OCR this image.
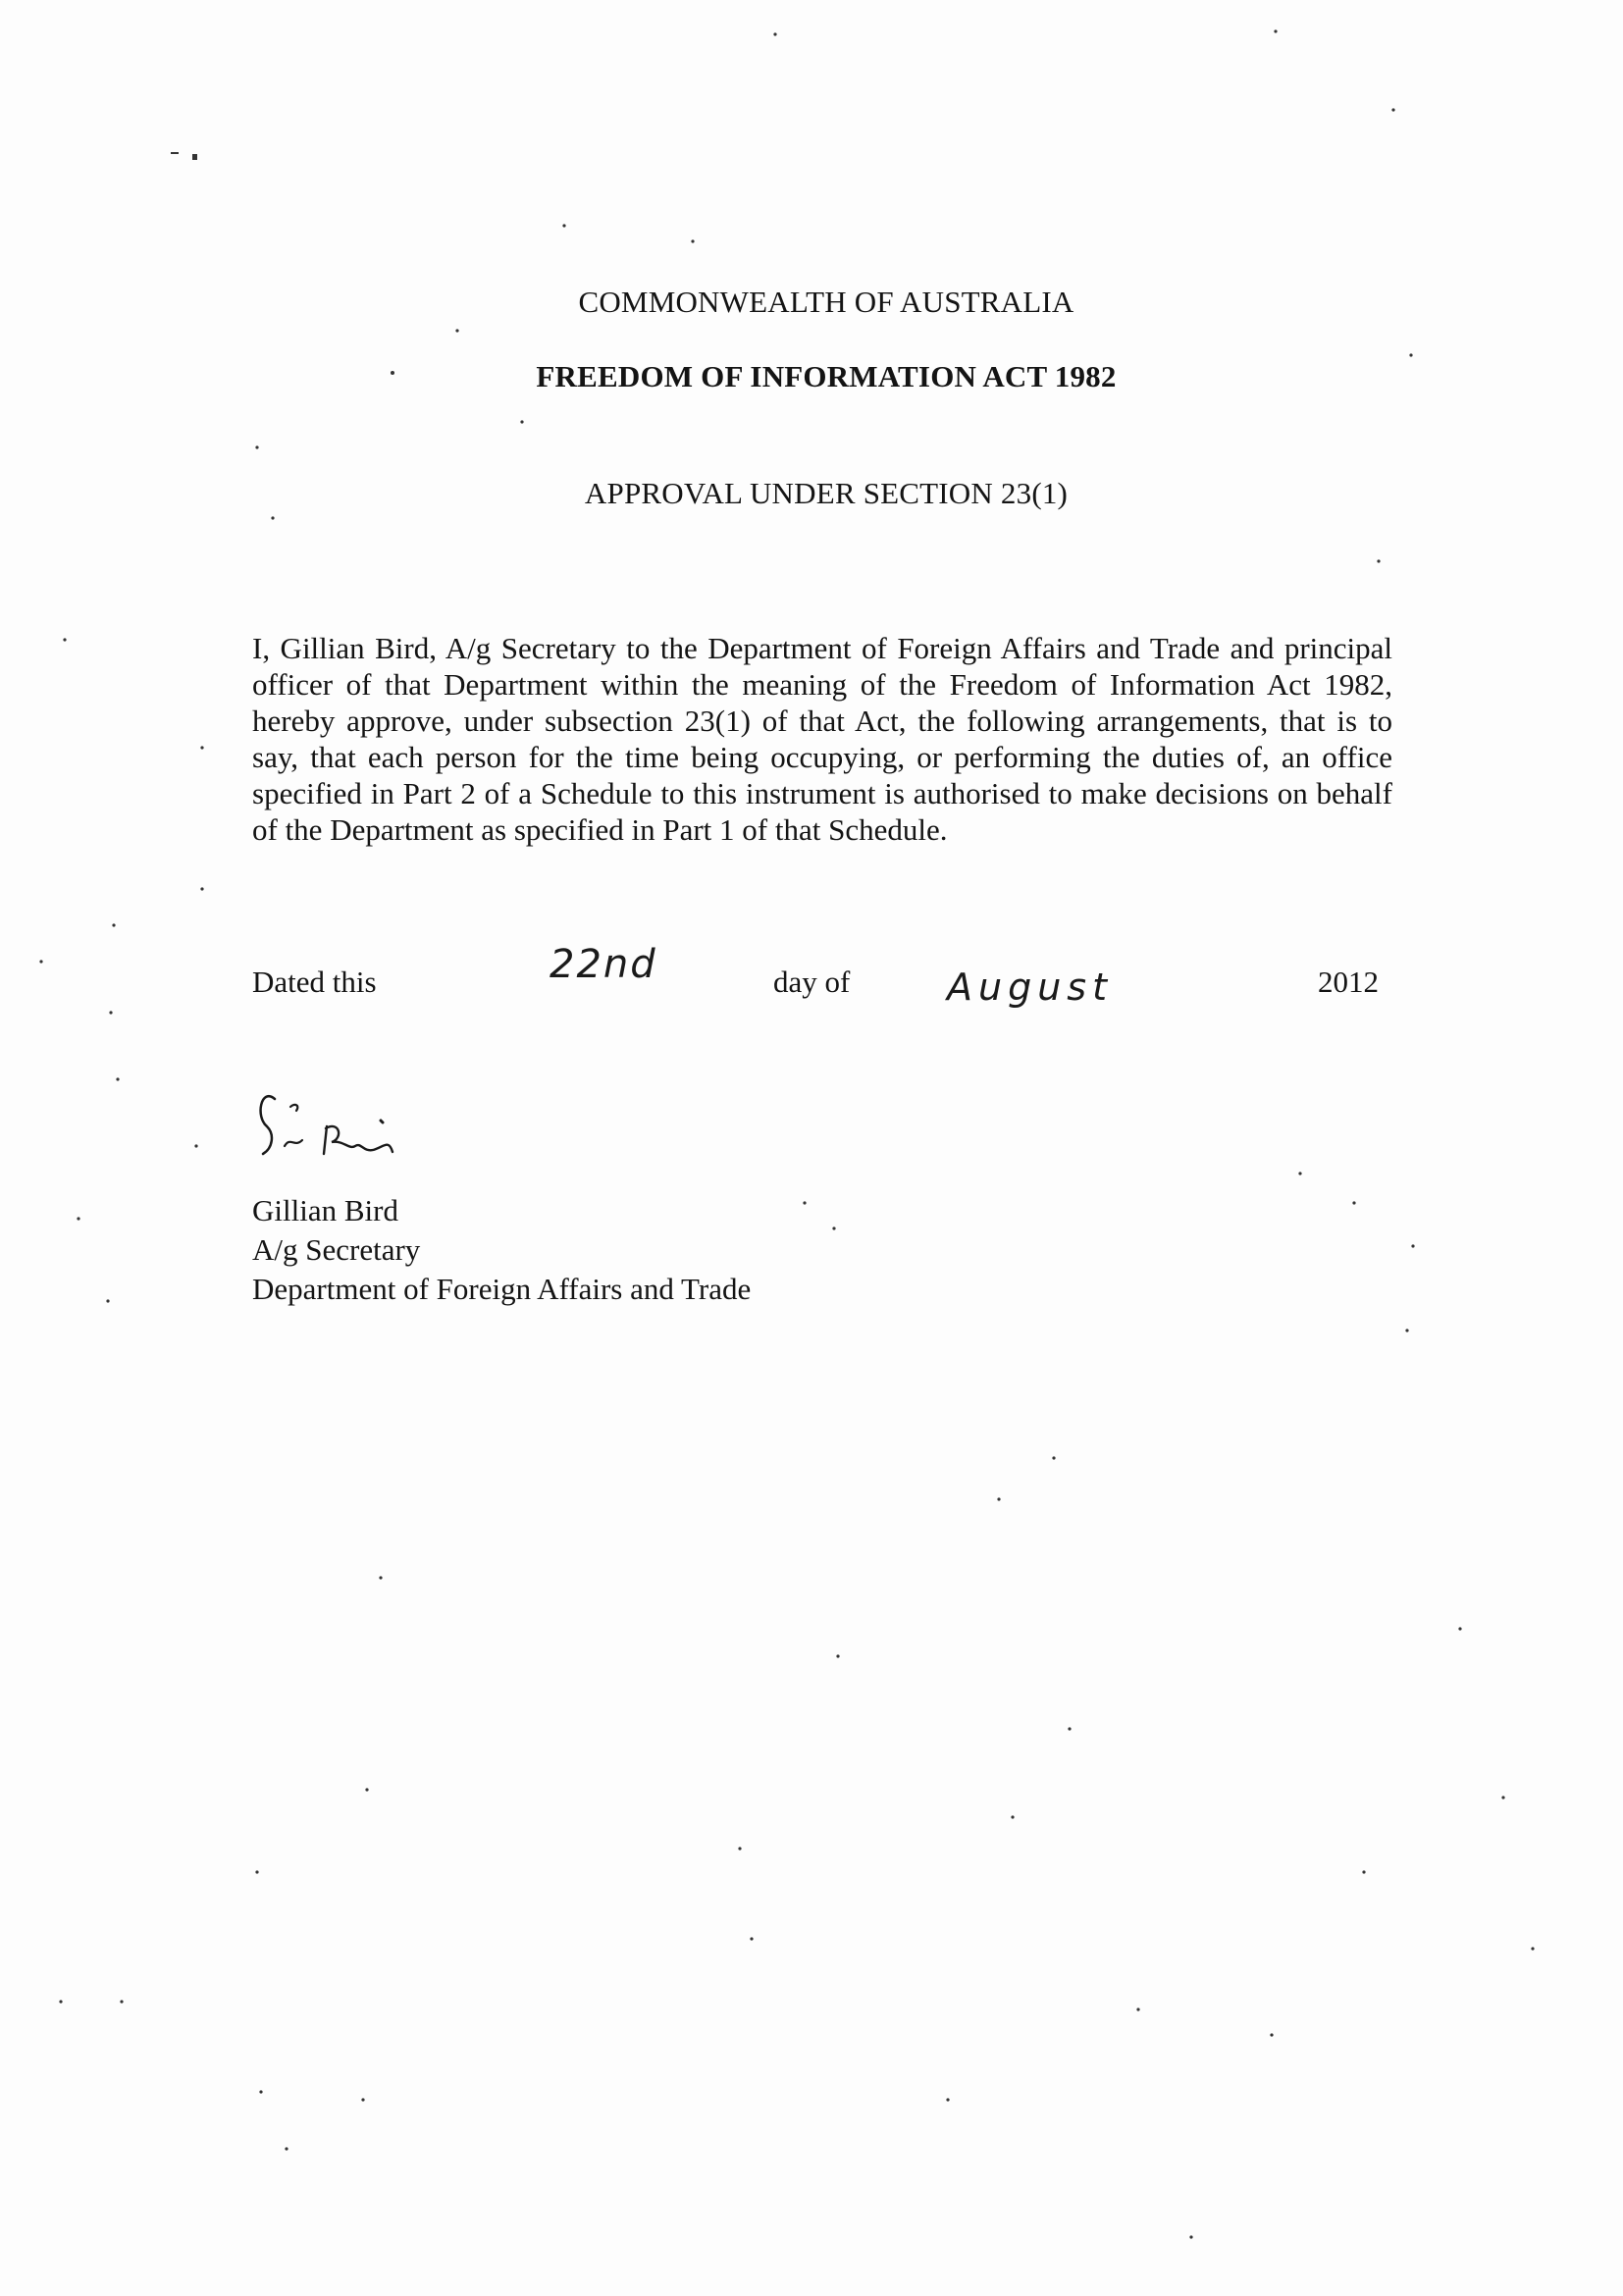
COMMONWEALTH OF AUSTRALIA
FREEDOM OF INFORMATION ACT 1982
APPROVAL UNDER SECTION 23(1)
I, Gillian Bird, A/g Secretary to the Department of Foreign Affairs and Trade and principal officer of that Department within the meaning of the Freedom of Information Act 1982, hereby approve, under subsection 23(1) of that Act, the following arrangements, that is to say, that each person for the time being occupying, or performing the duties of, an office specified in Part 2 of a Schedule to this instrument is authorised to make decisions on behalf of the Department as specified in Part 1 of that Schedule.
Dated this	22nd	day of	August	2012
Gillian Bird
A/g Secretary
Department of Foreign Affairs and Trade
